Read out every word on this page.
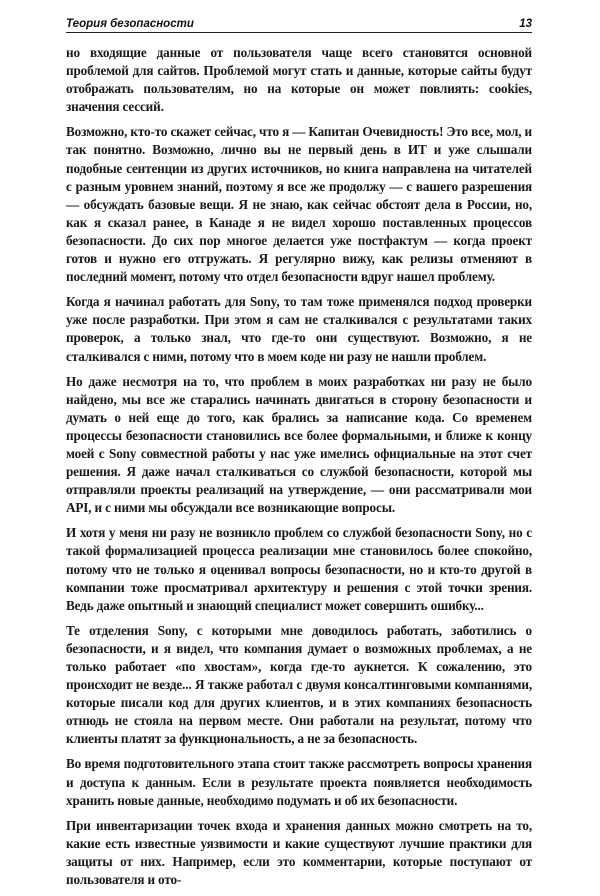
Теория безопасности	13

но входящие данные от пользователя чаще всего становятся основной проблемой для сайтов. Проблемой могут стать и данные, которые сайты будут отображать пользователям, но на которые он может повлиять: cookies, значения сессий.

Возможно, кто-то скажет сейчас, что я — Капитан Очевидность! Это все, мол, и так понятно. Возможно, лично вы не первый день в ИТ и уже слышали подобные сентенции из других источников, но книга направлена на читателей с разным уровнем знаний, поэтому я все же продолжу — с вашего разрешения — обсуждать базовые вещи. Я не знаю, как сейчас обстоят дела в России, но, как я сказал ранее, в Канаде я не видел хорошо поставленных процессов безопасности. До сих пор многое делается уже постфактум — когда проект готов и нужно его отгружать. Я регулярно вижу, как релизы отменяют в последний момент, потому что отдел безопасности вдруг нашел проблему.

Когда я начинал работать для Sony, то там тоже применялся подход проверки уже после разработки. При этом я сам не сталкивался с результатами таких проверок, а только знал, что где-то они существуют. Возможно, я не сталкивался с ними, потому что в моем коде ни разу не нашли проблем.

Но даже несмотря на то, что проблем в моих разработках ни разу не было найдено, мы все же старались начинать двигаться в сторону безопасности и думать о ней еще до того, как брались за написание кода. Со временем процессы безопасности становились все более формальными, и ближе к концу моей с Sony совместной работы у нас уже имелись официальные на этот счет решения. Я даже начал сталкиваться со службой безопасности, которой мы отправляли проекты реализаций на утверждение, — они рассматривали мои API, и с ними мы обсуждали все возникающие вопросы.

И хотя у меня ни разу не возникло проблем со службой безопасности Sony, но с такой формализацией процесса реализации мне становилось более спокойно, потому что не только я оценивал вопросы безопасности, но и кто-то другой в компании тоже просматривал архитектуру и решения с этой точки зрения. Ведь даже опытный и знающий специалист может совершить ошибку...

Те отделения Sony, с которыми мне доводилось работать, заботились о безопасности, и я видел, что компания думает о возможных проблемах, а не только работает «по хвостам», когда где-то аукнется. К сожалению, это происходит не везде... Я также работал с двумя консалтинговыми компаниями, которые писали код для других клиентов, и в этих компаниях безопасность отнюдь не стояла на первом месте. Они работали на результат, потому что клиенты платят за функциональность, а не за безопасность.

Во время подготовительного этапа стоит также рассмотреть вопросы хранения и доступа к данным. Если в результате проекта появляется необходимость хранить новые данные, необходимо подумать и об их безопасности.

При инвентаризации точек входа и хранения данных можно смотреть на то, какие есть известные уязвимости и какие существуют лучшие практики для защиты от них. Например, если это комментарии, которые поступают от пользователя и ото-
